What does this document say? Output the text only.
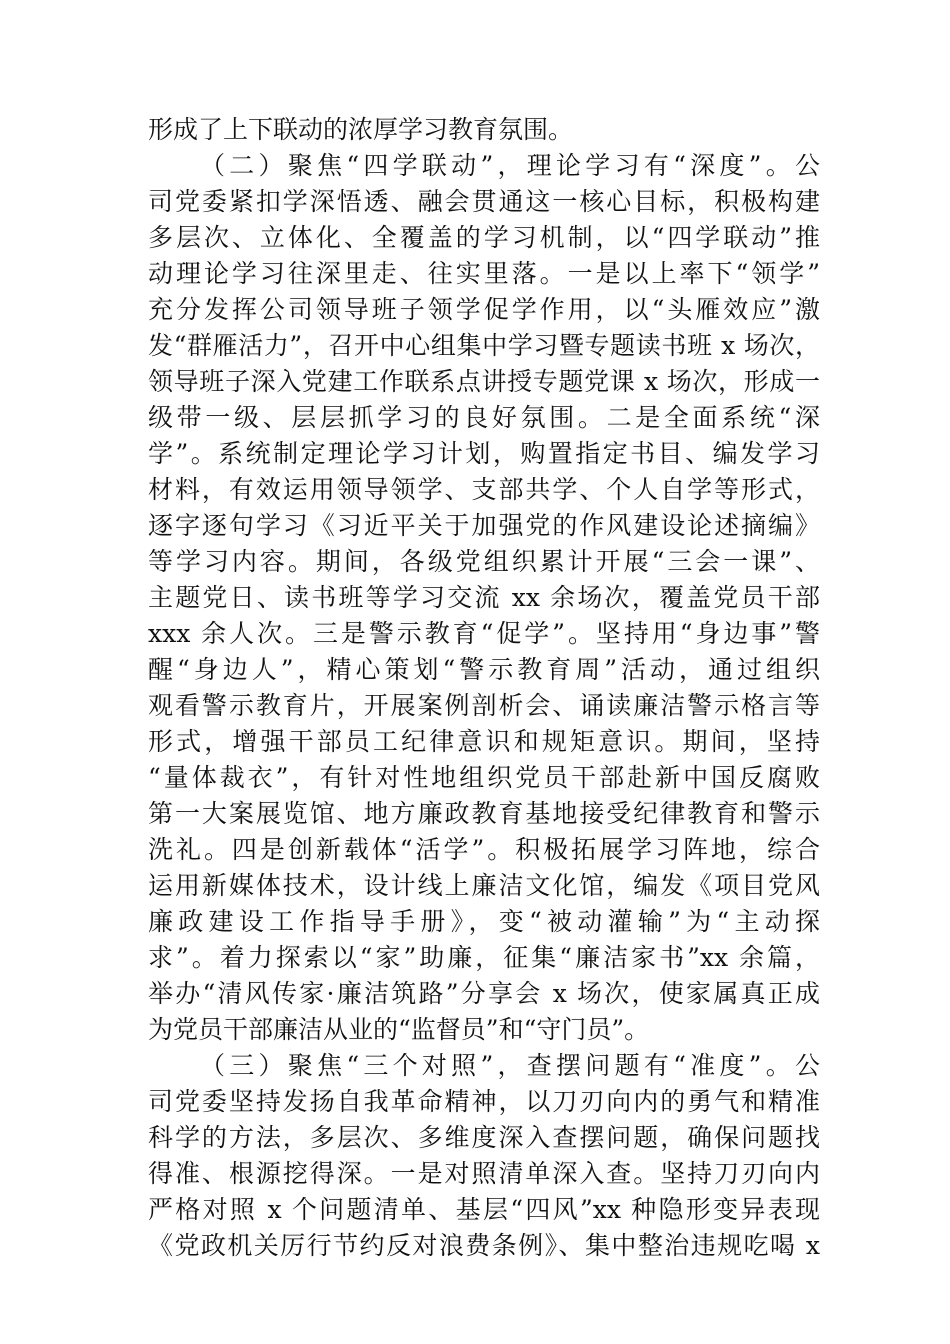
形成了上下联动的浓厚学习教育氛围。
（二）聚焦“四学联动”，理论学习有“深度”。公
司党委紧扣学深悟透、融会贯通这一核心目标，积极构建
多层次、立体化、全覆盖的学习机制，以“四学联动”推
动理论学习往深里走、往实里落。一是以上率下“领学”
充分发挥公司领导班子领学促学作用，以“头雁效应”激
发“群雁活力”，召开中心组集中学习暨专题读书班 x 场次，
领导班子深入党建工作联系点讲授专题党课 x 场次，形成一
级带一级、层层抓学习的良好氛围。二是全面系统“深
学”。系统制定理论学习计划，购置指定书目、编发学习
材料，有效运用领导领学、支部共学、个人自学等形式，
逐字逐句学习《习近平关于加强党的作风建设论述摘编》
等学习内容。期间，各级党组织累计开展“三会一课”、
主题党日、读书班等学习交流 xx 余场次，覆盖党员干部
xxx 余人次。三是警示教育“促学”。坚持用“身边事”警
醒“身边人”，精心策划“警示教育周”活动，通过组织
观看警示教育片，开展案例剖析会、诵读廉洁警示格言等
形式，增强干部员工纪律意识和规矩意识。期间，坚持
“量体裁衣”，有针对性地组织党员干部赴新中国反腐败
第一大案展览馆、地方廉政教育基地接受纪律教育和警示
洗礼。四是创新载体“活学”。积极拓展学习阵地，综合
运用新媒体技术，设计线上廉洁文化馆，编发《项目党风
廉政建设工作指导手册》，变“被动灌输”为“主动探
求”。着力探索以“家”助廉，征集“廉洁家书”xx 余篇，
举办“清风传家·廉洁筑路”分享会 x 场次，使家属真正成
为党员干部廉洁从业的“监督员”和“守门员”。
（三）聚焦“三个对照”，查摆问题有“准度”。公
司党委坚持发扬自我革命精神，以刀刃向内的勇气和精准
科学的方法，多层次、多维度深入查摆问题，确保问题找
得准、根源挖得深。一是对照清单深入查。坚持刀刃向内
严格对照 x 个问题清单、基层“四风”xx 种隐形变异表现
《党政机关厉行节约反对浪费条例》、集中整治违规吃喝 x
